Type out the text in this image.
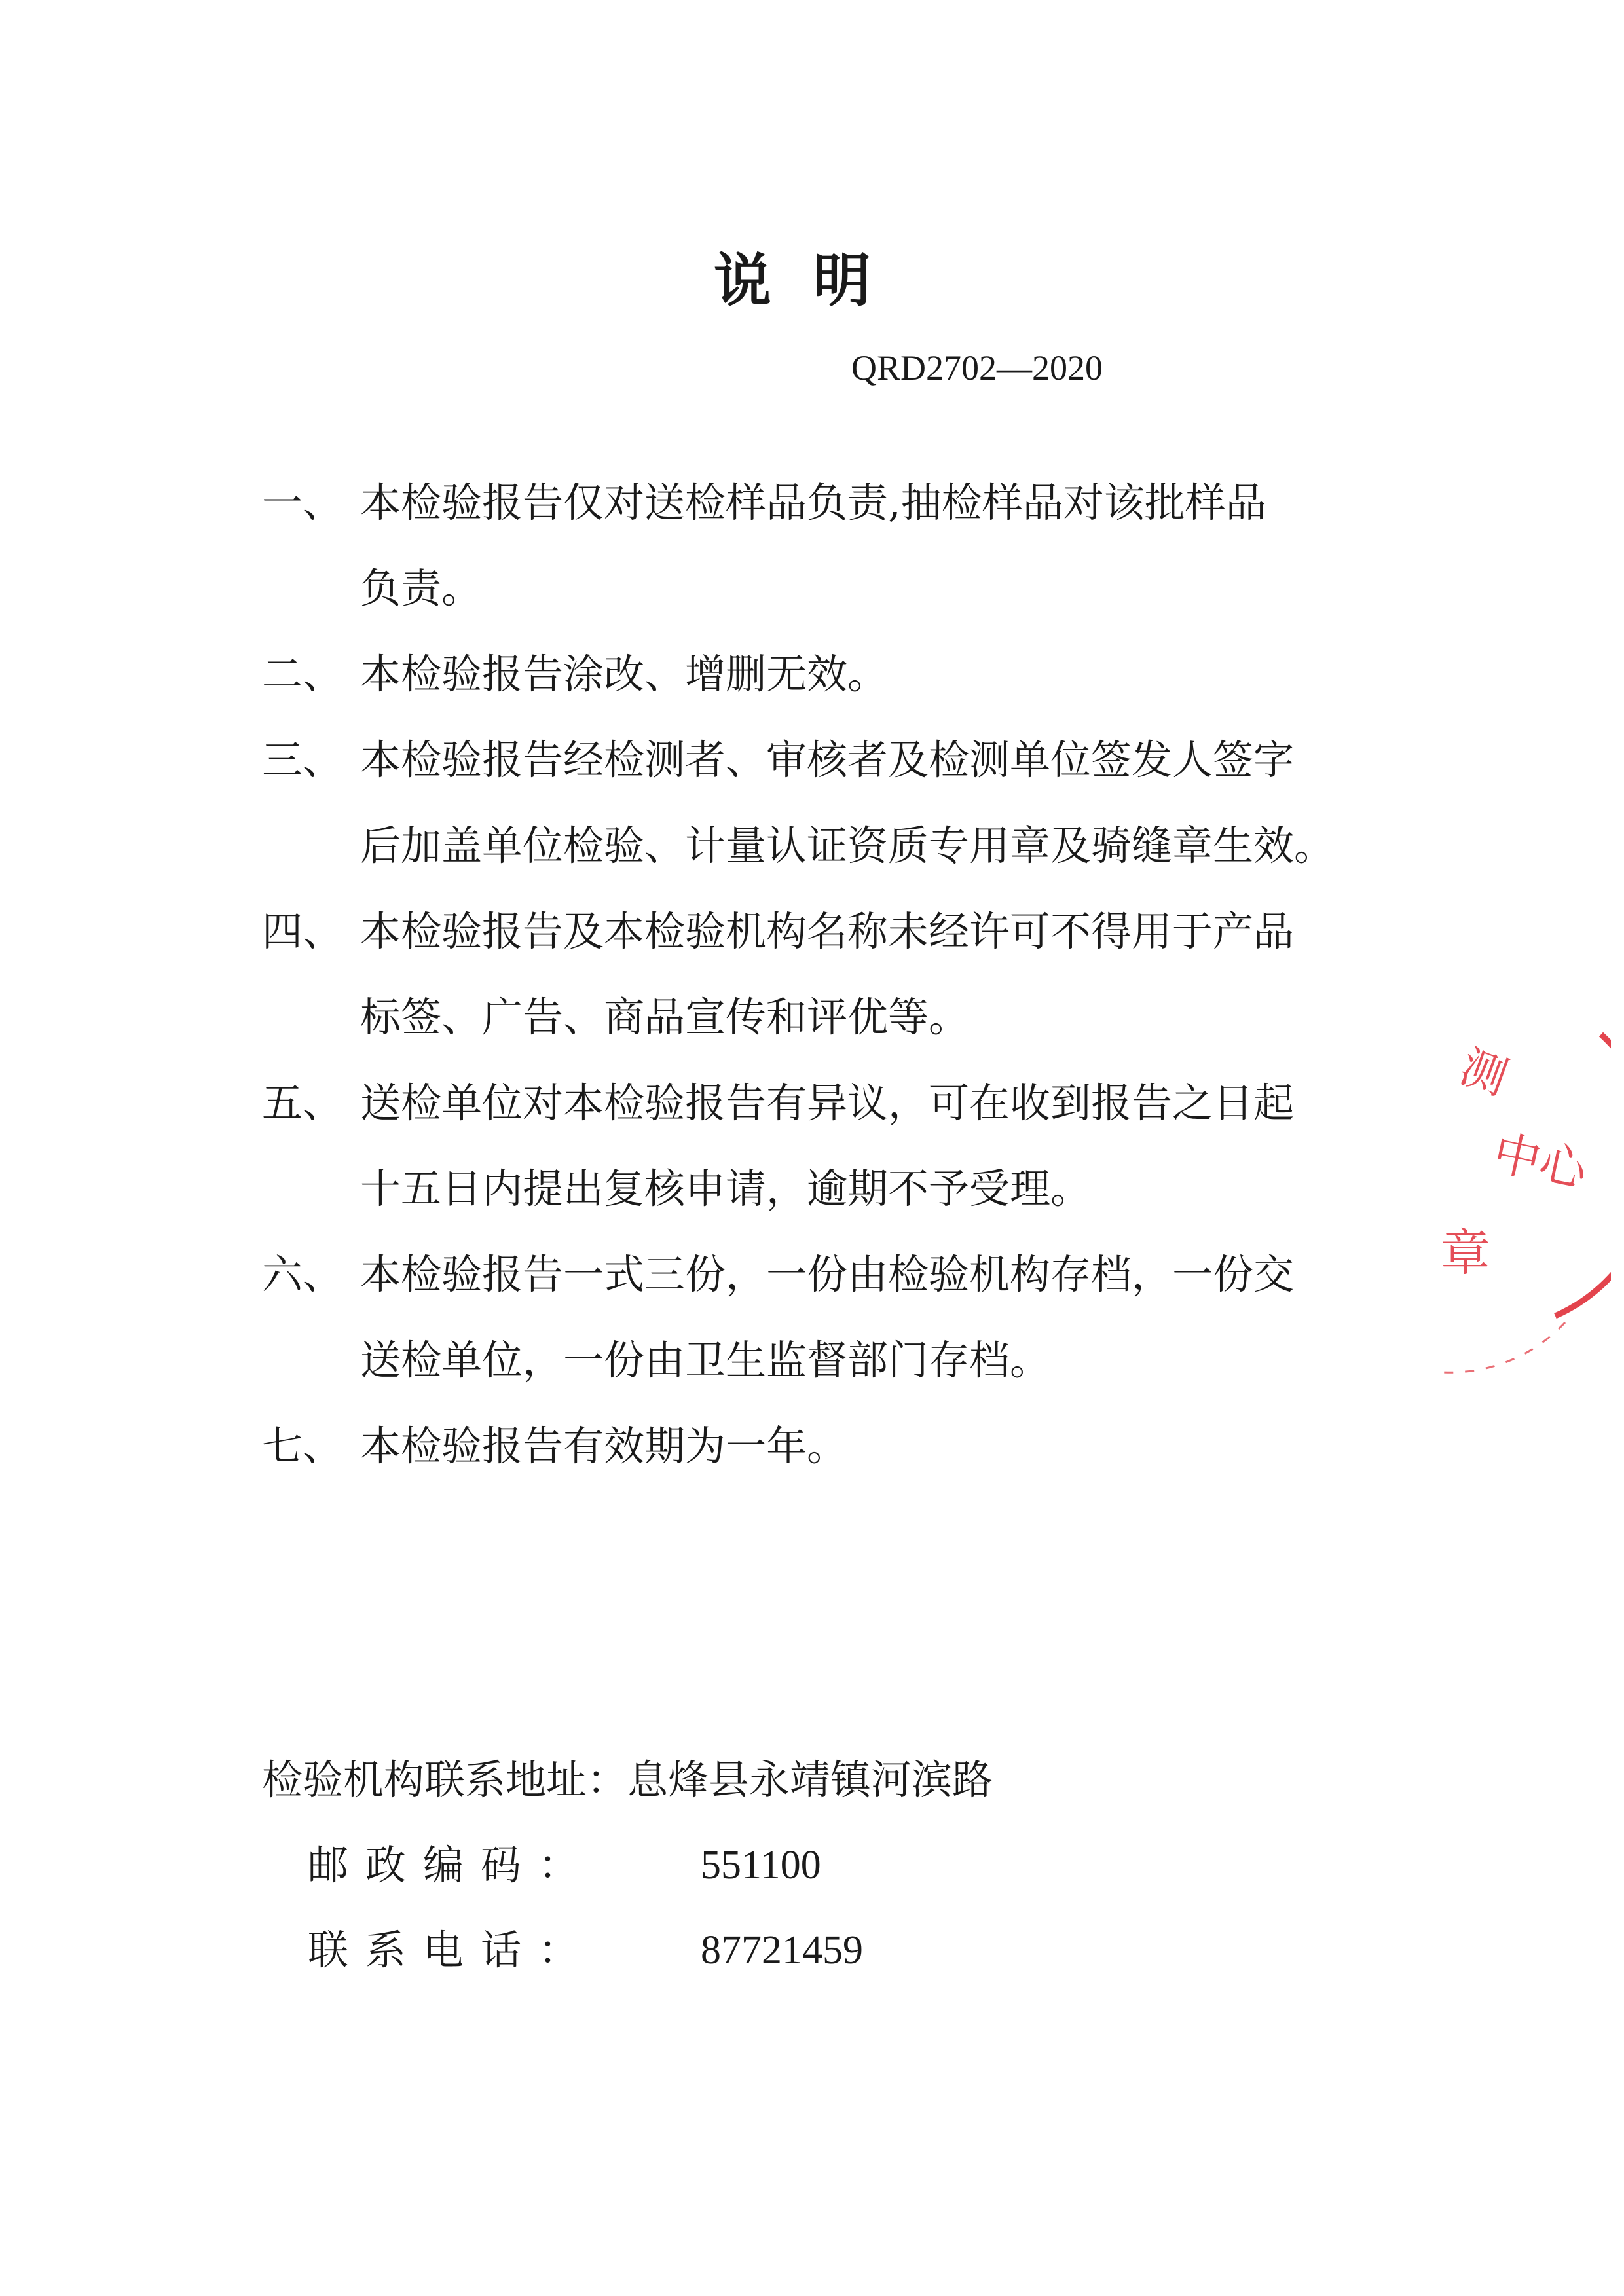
说明
QRD2702—2020
一、 本检验报告仅对送检样品负责,抽检样品对该批样品
负责。
二、 本检验报告涂改、增删无效。
三、 本检验报告经检测者、审核者及检测单位签发人签字
后加盖单位检验、计量认证资质专用章及骑缝章生效。
四、 本检验报告及本检验机构名称未经许可不得用于产品
标签、广告、商品宣传和评优等。
五、 送检单位对本检验报告有异议，可在收到报告之日起
十五日内提出复核申请，逾期不予受理。
六、 本检验报告一式三份，一份由检验机构存档，一份交
送检单位，一份由卫生监督部门存档。
七、 本检验报告有效期为一年。
检验机构联系地址：息烽县永靖镇河滨路
邮政编码：	551100
联系电话：	87721459
测
中心
章
